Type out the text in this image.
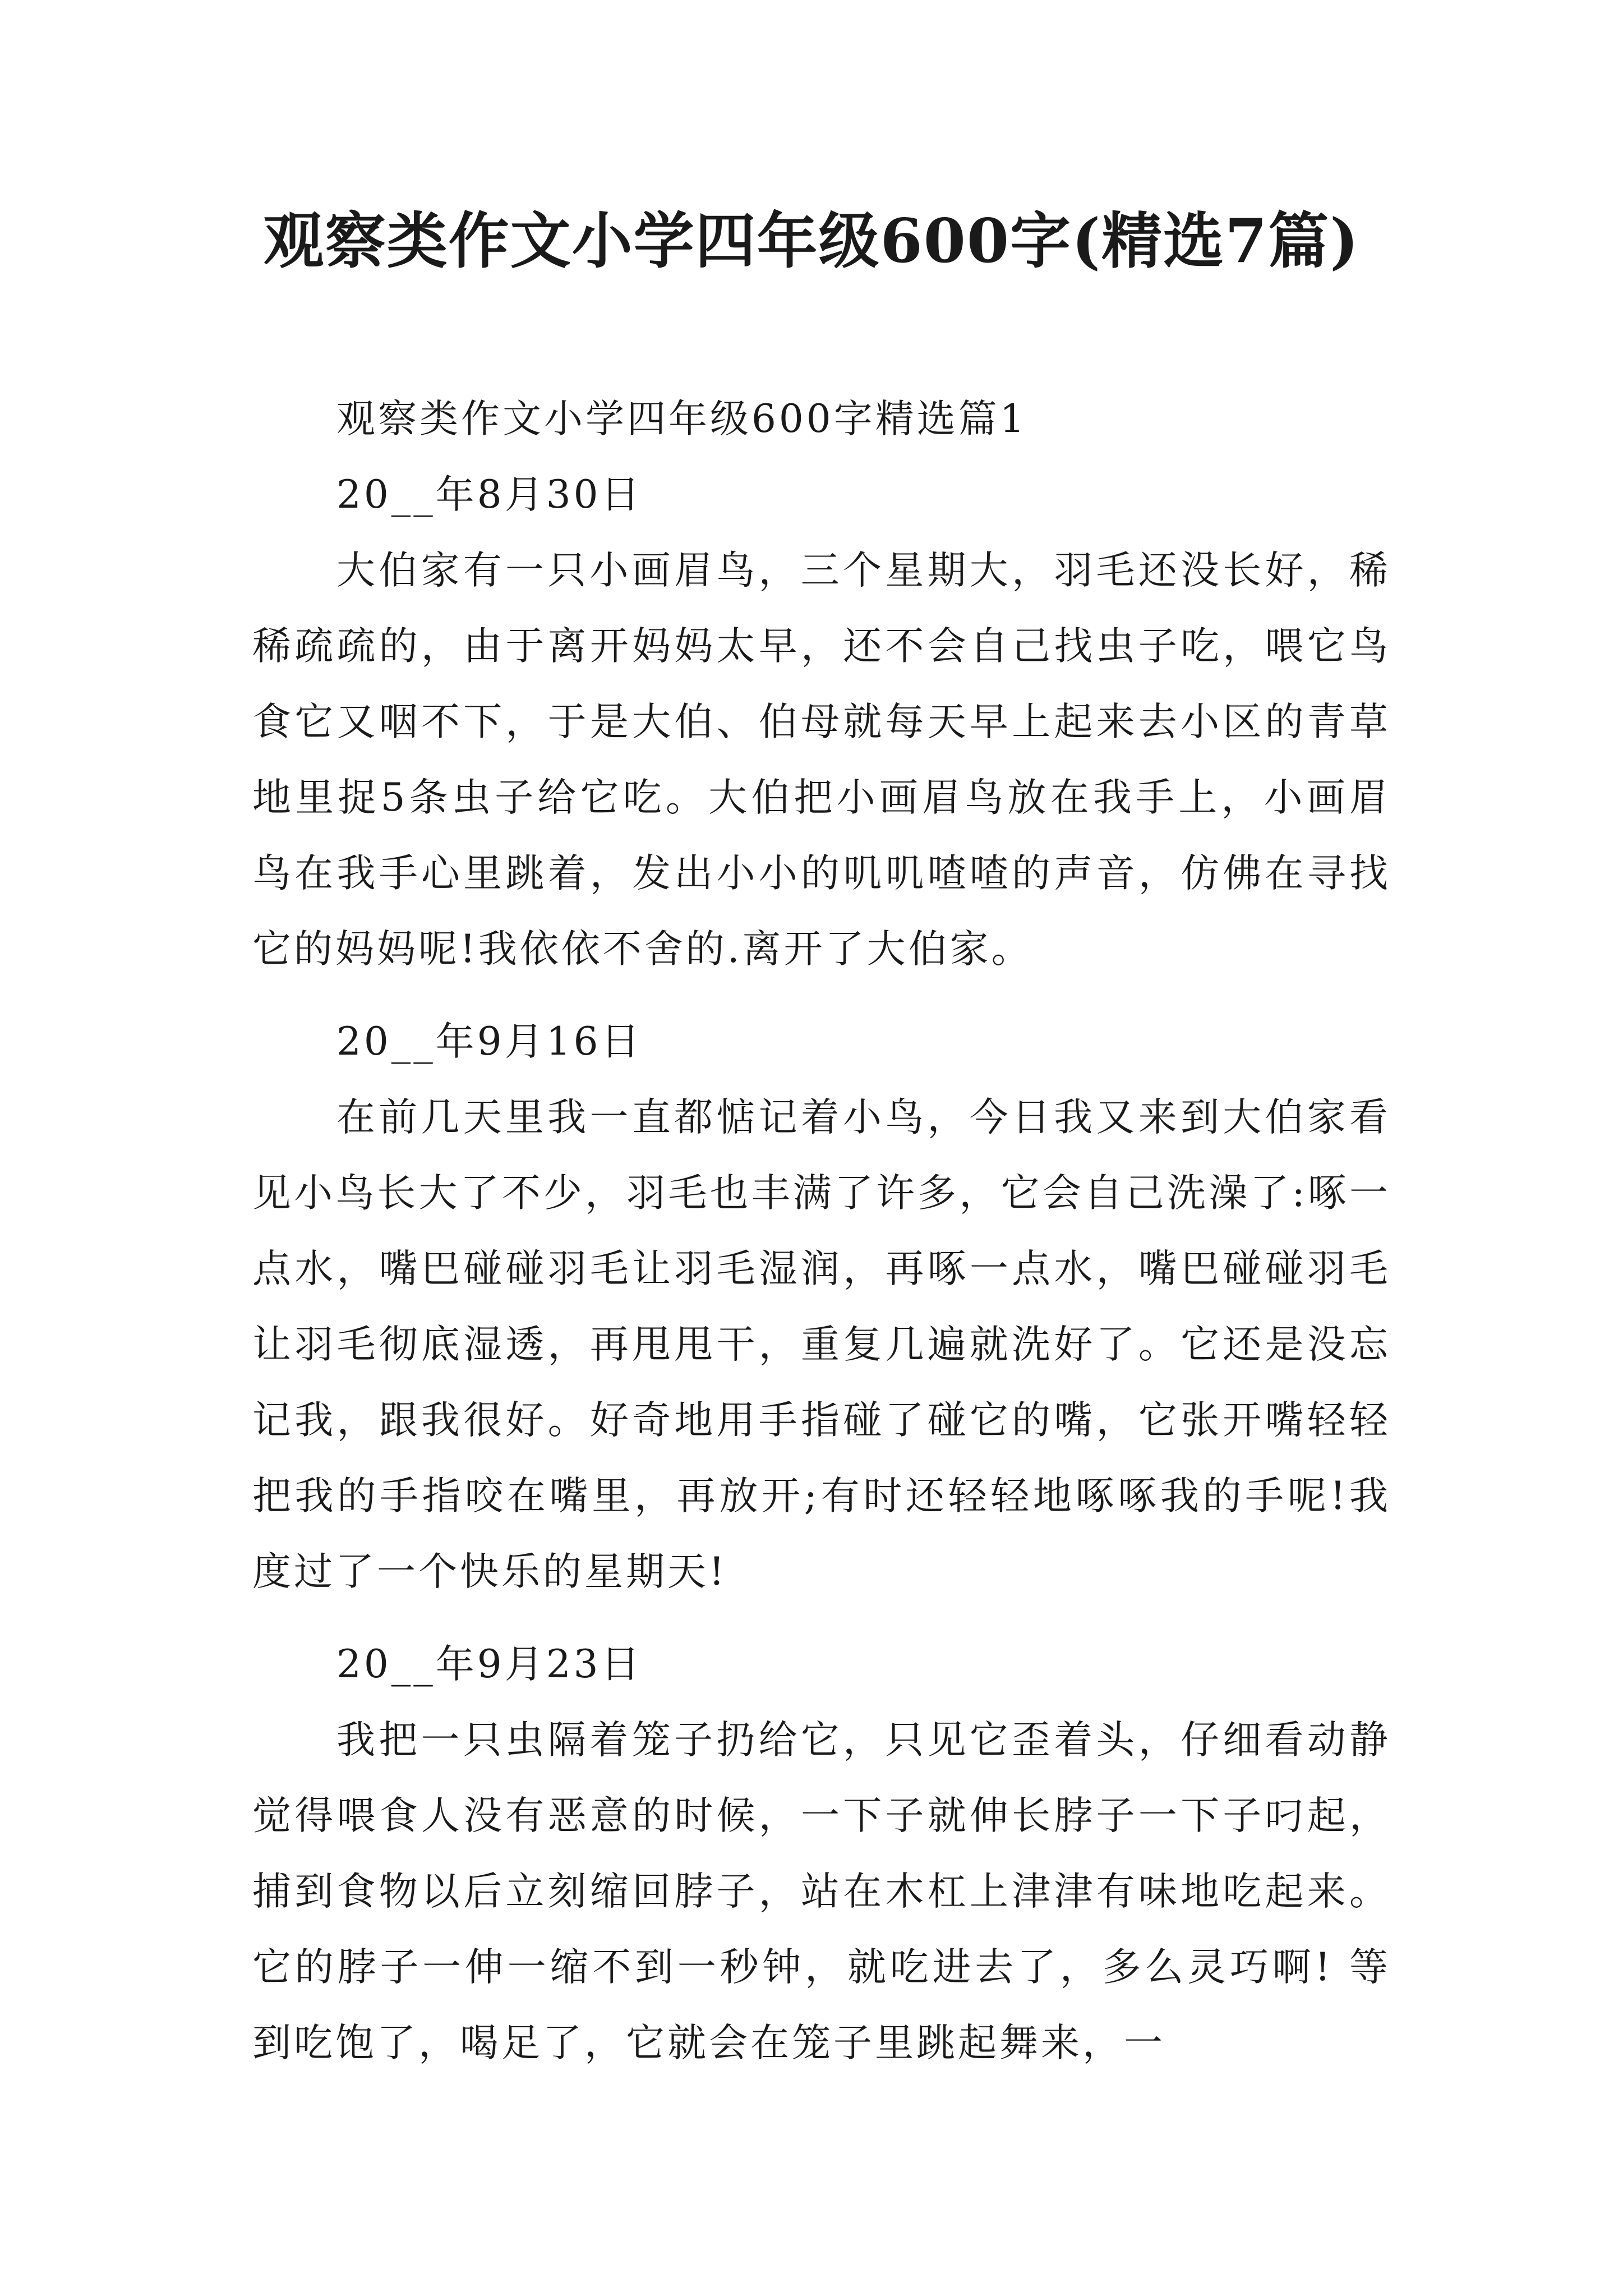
观察类作文小学四年级600字(精选7篇)

观察类作文小学四年级600字精选篇1

20__年8月30日

大伯家有一只小画眉鸟，三个星期大，羽毛还没长好，稀稀疏疏的，由于离开妈妈太早，还不会自己找虫子吃，喂它鸟食它又咽不下，于是大伯、伯母就每天早上起来去小区的青草地里捉5条虫子给它吃。大伯把小画眉鸟放在我手上，小画眉鸟在我手心里跳着，发出小小的叽叽喳喳的声音，仿佛在寻找它的妈妈呢!我依依不舍的.离开了大伯家。

20__年9月16日

在前几天里我一直都惦记着小鸟，今日我又来到大伯家看见小鸟长大了不少，羽毛也丰满了许多，它会自己洗澡了:啄一点水，嘴巴碰碰羽毛让羽毛湿润，再啄一点水，嘴巴碰碰羽毛让羽毛彻底湿透，再甩甩干，重复几遍就洗好了。它还是没忘记我，跟我很好。好奇地用手指碰了碰它的嘴，它张开嘴轻轻把我的手指咬在嘴里，再放开;有时还轻轻地啄啄我的手呢!我度过了一个快乐的星期天!

20__年9月23日

我把一只虫隔着笼子扔给它，只见它歪着头，仔细看动静觉得喂食人没有恶意的时候，一下子就伸长脖子一下子叼起，捕到食物以后立刻缩回脖子，站在木杠上津津有味地吃起来。它的脖子一伸一缩不到一秒钟，就吃进去了，多么灵巧啊! 等到吃饱了，喝足了，它就会在笼子里跳起舞来，一
